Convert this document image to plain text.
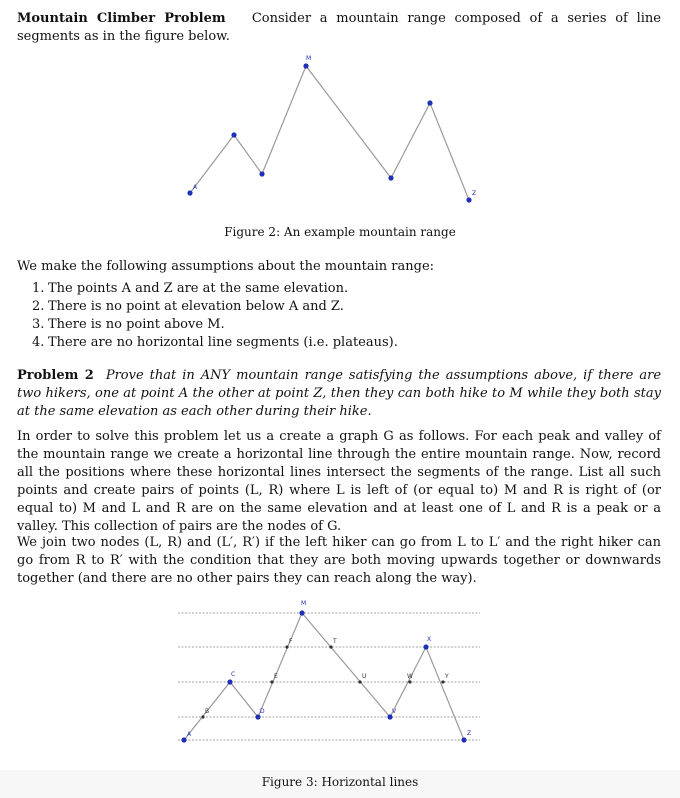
Mountain Climber Problem Consider a mountain range composed of a series of line segments as in the figure below.
A
M
Z
Figure 2: An example mountain range
We make the following assumptions about the mountain range:
1. The points A and Z are at the same elevation.
2. There is no point at elevation below A and Z.
3. There is no point above M.
4. There are no horizontal line segments (i.e. plateaus).
Problem 2 Prove that in ANY mountain range satisfying the assumptions above, if there are two hikers, one at point A the other at point Z, then they can both hike to M while they both stay at the same elevation as each other during their hike.
In order to solve this problem let us a create a graph G as follows. For each peak and valley of the mountain range we create a horizontal line through the entire mountain range. Now, record all the positions where these horizontal lines intersect the segments of the range. List all such points and create pairs of points (L, R) where L is left of (or equal to) M and R is right of (or equal to) M and L and R are on the same elevation and at least one of L and R is a peak or a valley. This collection of pairs are the nodes of G.
We join two nodes (L, R) and (L′, R′) if the left hiker can go from L to L′ and the right hiker can go from R to R′ with the condition that they are both moving upwards together or downwards together (and there are no other pairs they can reach along the way).
A
B
C
D
E
F
M
T
U
V
W
X
Y
Z
Figure 3: Horizontal lines
